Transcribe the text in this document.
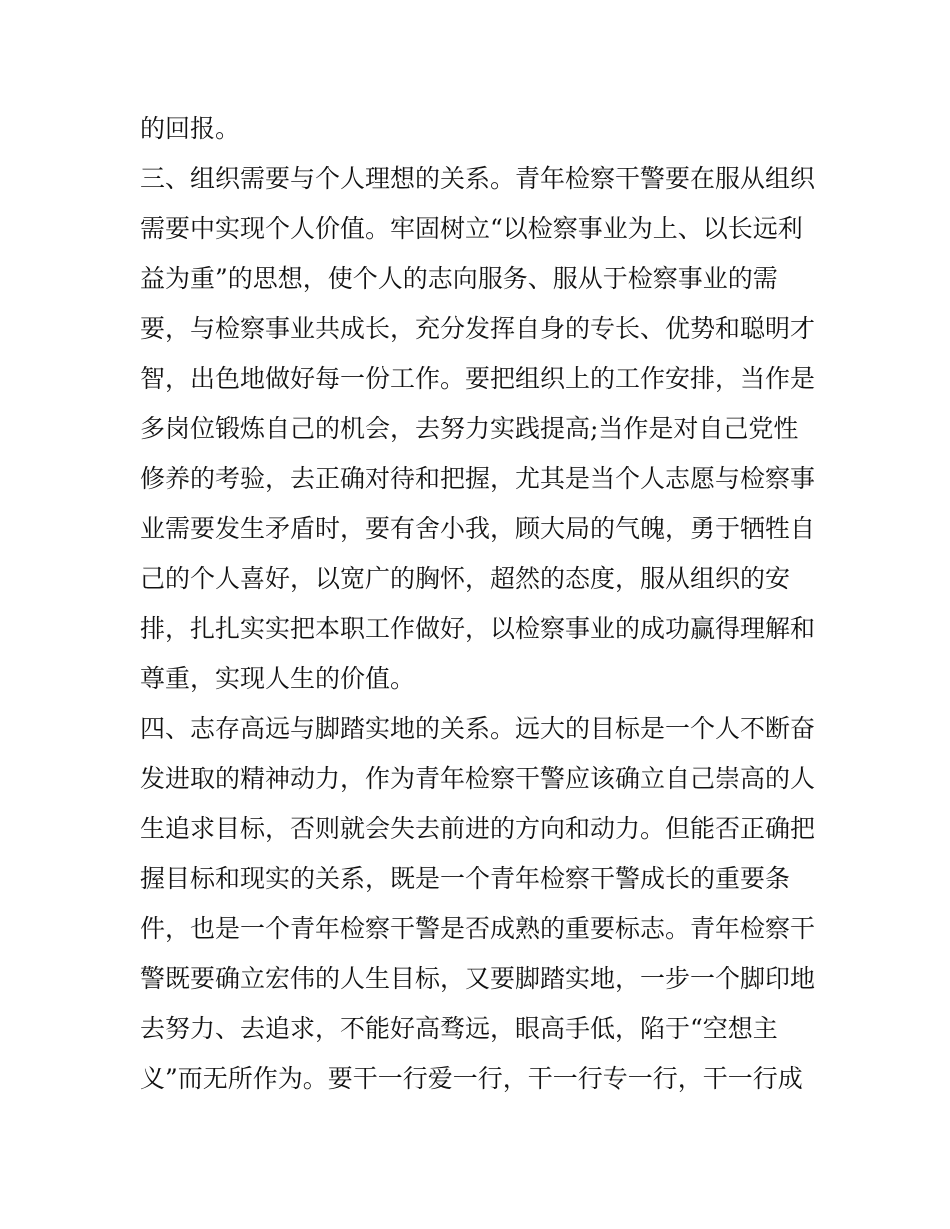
的回报。
三、组织需要与个人理想的关系。青年检察干警要在服从组织
需要中实现个人价值。牢固树立“以检察事业为上、以长远利
益为重”的思想，使个人的志向服务、服从于检察事业的需
要，与检察事业共成长，充分发挥自身的专长、优势和聪明才
智，出色地做好每一份工作。要把组织上的工作安排，当作是
多岗位锻炼自己的机会，去努力实践提高;当作是对自己党性
修养的考验，去正确对待和把握，尤其是当个人志愿与检察事
业需要发生矛盾时，要有舍小我，顾大局的气魄，勇于牺牲自
己的个人喜好，以宽广的胸怀，超然的态度，服从组织的安
排，扎扎实实把本职工作做好，以检察事业的成功赢得理解和
尊重，实现人生的价值。
四、志存高远与脚踏实地的关系。远大的目标是一个人不断奋
发进取的精神动力，作为青年检察干警应该确立自己崇高的人
生追求目标，否则就会失去前进的方向和动力。但能否正确把
握目标和现实的关系，既是一个青年检察干警成长的重要条
件，也是一个青年检察干警是否成熟的重要标志。青年检察干
警既要确立宏伟的人生目标，又要脚踏实地，一步一个脚印地
去努力、去追求，不能好高骛远，眼高手低，陷于“空想主
义”而无所作为。要干一行爱一行，干一行专一行，干一行成
